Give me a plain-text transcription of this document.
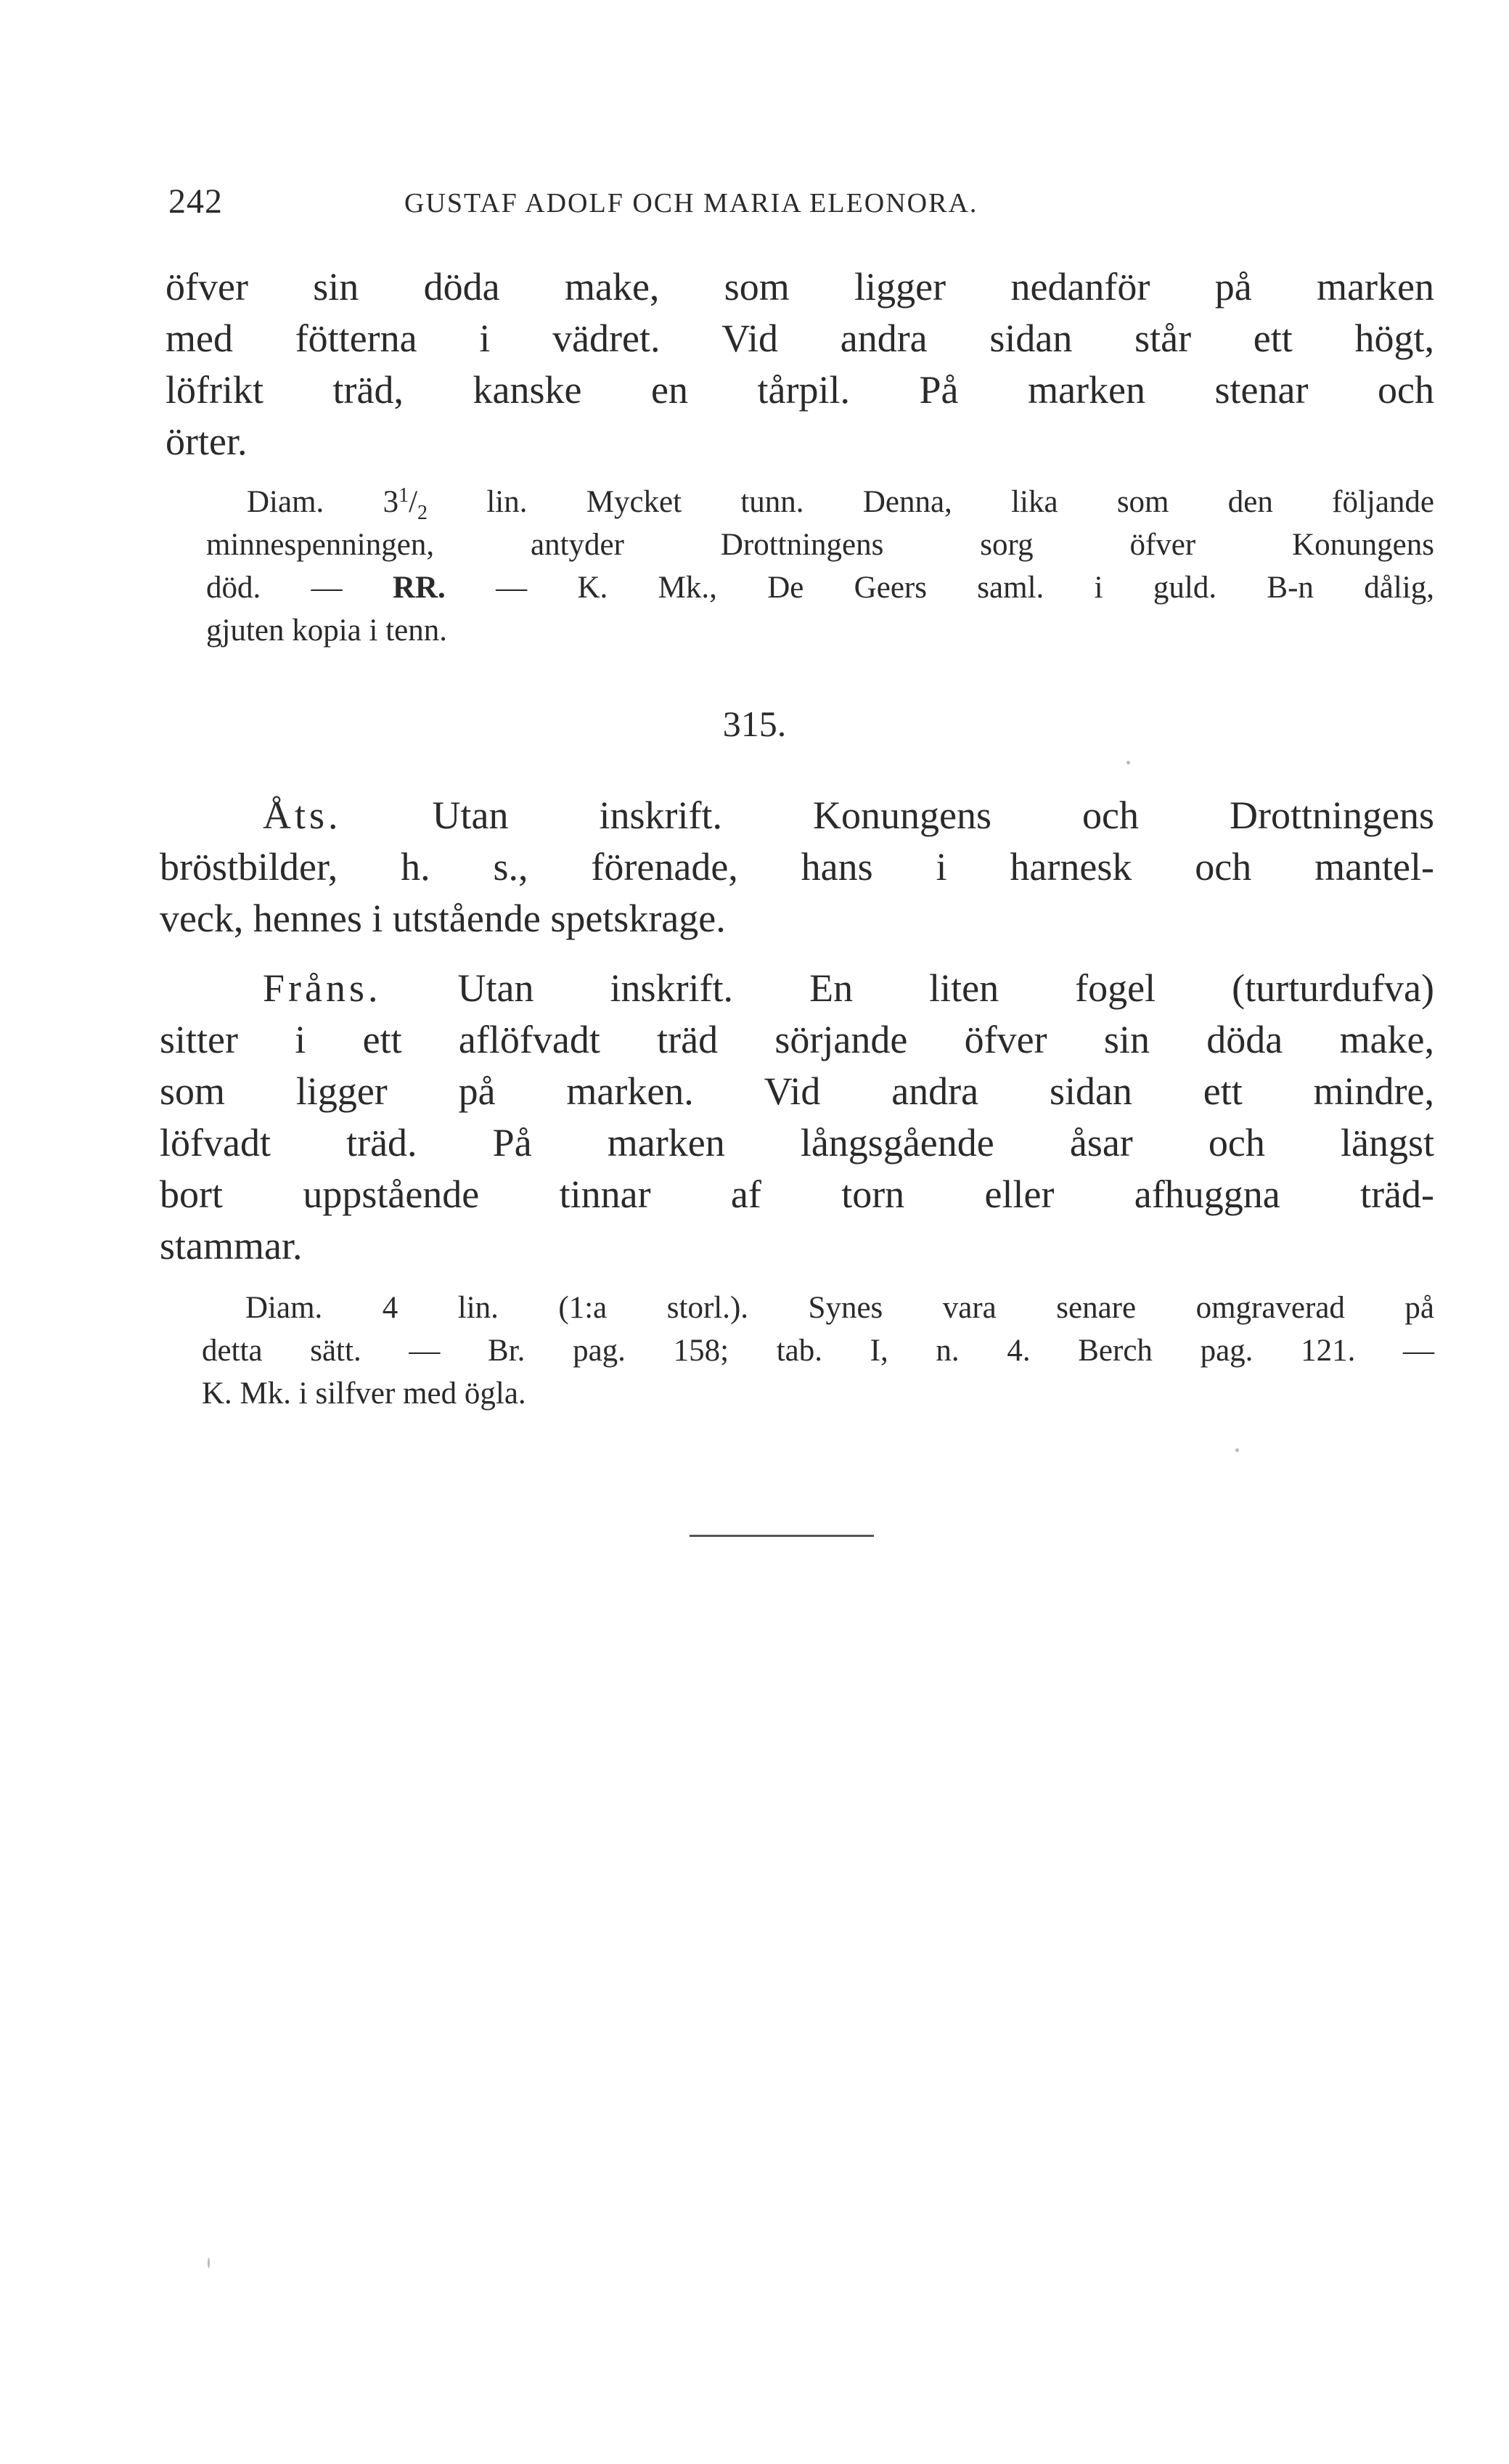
242	GUSTAF ADOLF OCH MARIA ELEONORA.
öfver sin döda make, som ligger nedanför på marken
med fötterna i vädret. Vid andra sidan står ett högt,
löfrikt träd, kanske en tårpil. På marken stenar och
örter.
Diam. $3^1/_2$ lin. Mycket tunn. Denna, lika som den följande
minnespenningen, antyder Drottningens sorg öfver Konungens
död. — RR. — K. Mk., De Geers saml. i guld. B-n dålig,
gjuten kopia i tenn.
315.
Åts. Utan inskrift. Konungens och Drottningens
bröstbilder, h. s., förenade, hans i harnesk och mantel-
veck, hennes i utstående spetskrage.
Fråns. Utan inskrift. En liten fogel (turturdufva)
sitter i ett aflöfvadt träd sörjande öfver sin döda make,
som ligger på marken. Vid andra sidan ett mindre,
löfvadt träd. På marken långsgående åsar och längst
bort uppstående tinnar af torn eller afhuggna träd-
stammar.
Diam. 4 lin. (1:a storl.). Synes vara senare omgraverad på
detta sätt. — Br. pag. 158; tab. I, n. 4. Berch pag. 121. —
K. Mk. i silfver med ögla.
